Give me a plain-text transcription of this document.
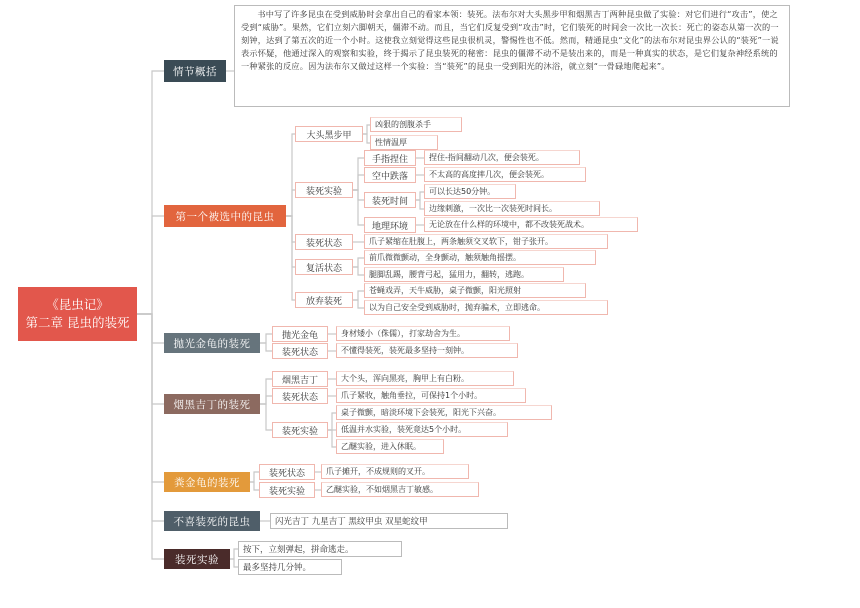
《昆虫记》
第二章 昆虫的装死
情节概括
书中写了许多昆虫在受到威胁时会拿出自己的看家本领：装死。法布尔对大头黑步甲和烟黑吉丁两种昆虫做了实验：对它们进行“攻击”，使之受到“威胁”。果然，它们立刻六脚朝天，僵滞不动。而且，当它们反复受到“攻击”时，它们装死的时间会一次比一次长：死亡的姿态从第一次的一刻钟，达到了第五次的近一个小时。这使我立刻觉得这些昆虫很机灵，警惕性也不低。然而，精通昆虫“文化”的法布尔对昆虫界公认的“装死”一说表示怀疑，他通过深入的观察和实验，终于揭示了昆虫装死的秘密：昆虫的僵滞不动不是装出来的，而是一种真实的状态，是它们复杂神经系统的一种紧张的反应。因为法布尔又做过这样一个实验：当“装死”的昆虫一受到阳光的沐浴，就立刻“一骨碌地爬起来”。
第一个被选中的昆虫
大头黑步甲
凶狠的剖腹杀手
性情温厚
装死实验
手指捏住	捏住-指间翻动几次，便会装死。
空中跌落	不太高的高度摔几次，便会装死。
装死时间
可以长达50分钟。
边缘刺激，一次比一次装死时间长。
地理环境	无论放在什么样的环境中，都不改装死战术。
装死状态	爪子紧缩在肚腹上，两条触须交叉软下，钳子张开。
复活状态
前爪微微颤动，全身颤动，触须触角摇摆。
腿脚乱踢，腰背弓起，猛用力，翻转，逃跑。
放弃装死
苍蝇戏弄，天牛威胁，桌子微颤，阳光照射
以为自己安全受到威胁时，抛弃骗术，立即逃命。
抛光金龟的装死
抛光金龟	身材矮小（侏儒），打家劫舍为生。
装死状态	不懂得装死，装死最多坚持一刻钟。
烟黑吉丁的装死
烟黑吉丁	大个头，浑向黑亮，胸甲上有白粉。
装死状态	爪子紧收，触角垂拉，可保持1个小时。
装死实验
桌子微颤，暗淡环境下会装死，阳光下兴奋。
低温并水实验，装死竟达5个小时。
乙醚实验，进入休眠。
粪金龟的装死
装死状态	爪子摊开，不成规则的叉开。
装死实验	乙醚实验，不如烟黑吉丁敏感。
不喜装死的昆虫	闪光吉丁 九星吉丁 黑纹甲虫 双星蛇纹甲
装死实验
按下，立刻弹起，拼命逃走。
最多坚持几分钟。
